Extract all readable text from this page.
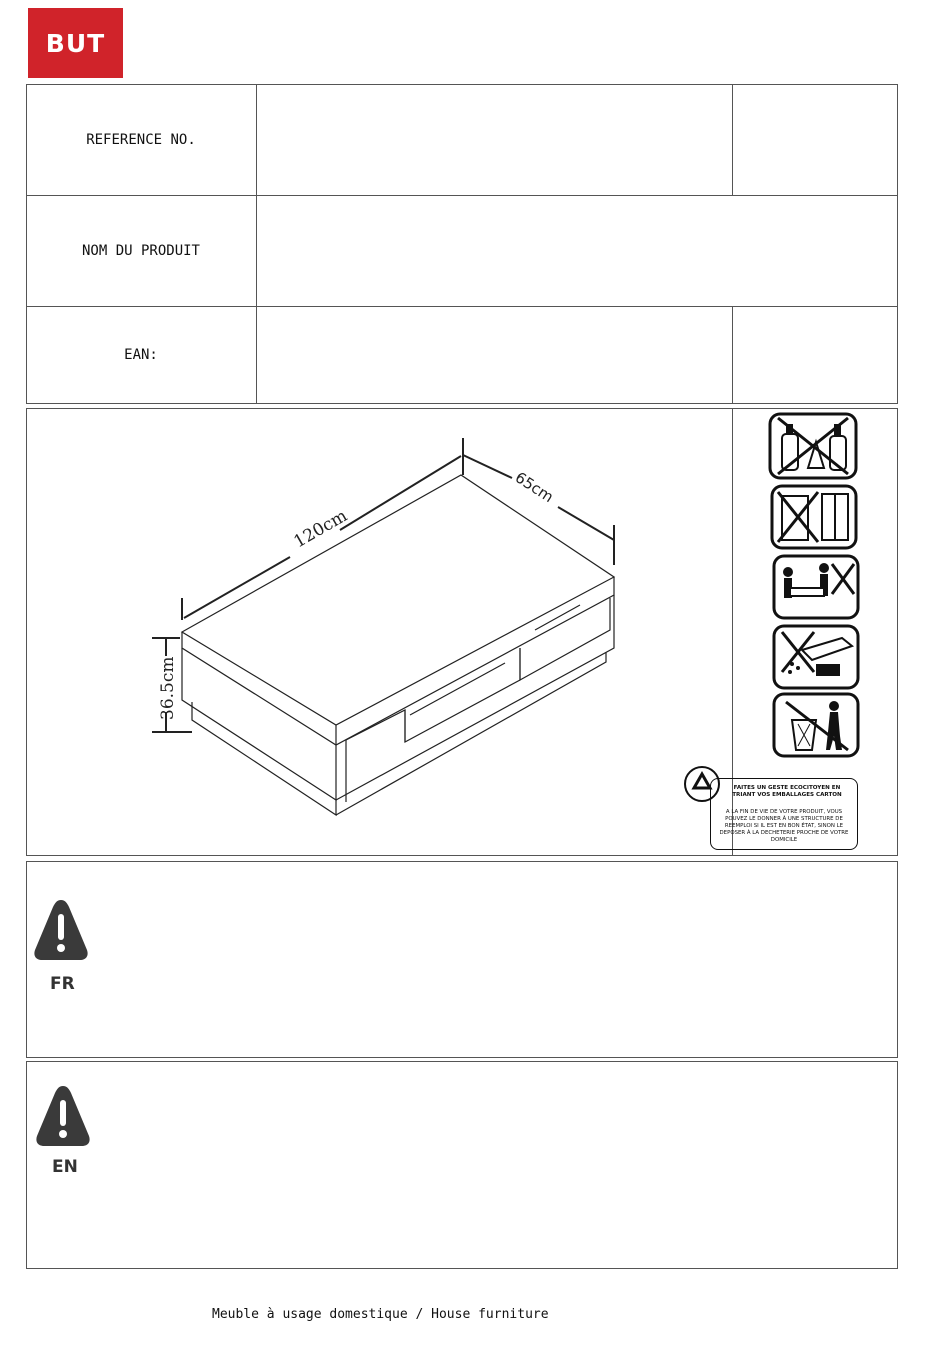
BUT
REFERENCE NO.
NOM DU PRODUIT
EAN:
120cm
65cm
36.5cm
FAITES UN GESTE ECOCITOYEN EN TRIANT VOS EMBALLAGES CARTON
A LA FIN DE VIE DE VOTRE PRODUIT, VOUS POUVEZ LE DONNER À UNE STRUCTURE DE REEMPLOI SI IL EST EN BON ÉTAT, SINON LE DEPOSER À LA DECHETERIE PROCHE DE VOTRE DOMICILE
FR
EN
Meuble à usage domestique / House furniture
